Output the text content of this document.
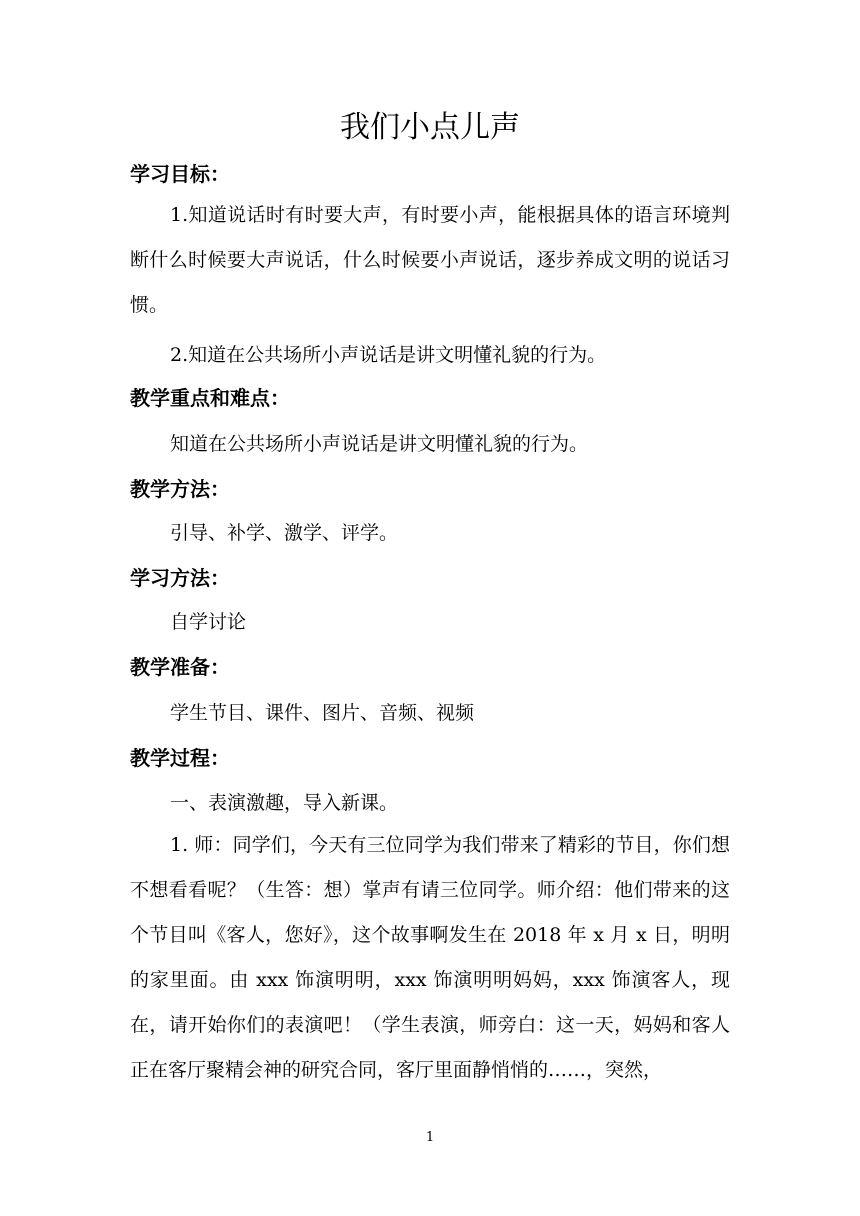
我们小点儿声
学习目标：

1.知道说话时有时要大声，有时要小声，能根据具体的语言环境判断什么时候要大声说话，什么时候要小声说话，逐步养成文明的说话习惯。

2.知道在公共场所小声说话是讲文明懂礼貌的行为。

教学重点和难点：
知道在公共场所小声说话是讲文明懂礼貌的行为。
教学方法：
引导、补学、激学、评学。
学习方法：
自学讨论
教学准备：
学生节目、课件、图片、音频、视频
教学过程：
一、表演激趣，导入新课。

1. 师：同学们，今天有三位同学为我们带来了精彩的节目，你们想不想看看呢？（生答：想）掌声有请三位同学。师介绍：他们带来的这个节目叫《客人，您好》，这个故事啊发生在 2018 年 x 月 x 日，明明的家里面。由 xxx 饰演明明，xxx 饰演明明妈妈，xxx 饰演客人，现在，请开始你们的表演吧！（学生表演，师旁白：这一天，妈妈和客人正在客厅聚精会神的研究合同，客厅里面静悄悄的……，突然，

1
